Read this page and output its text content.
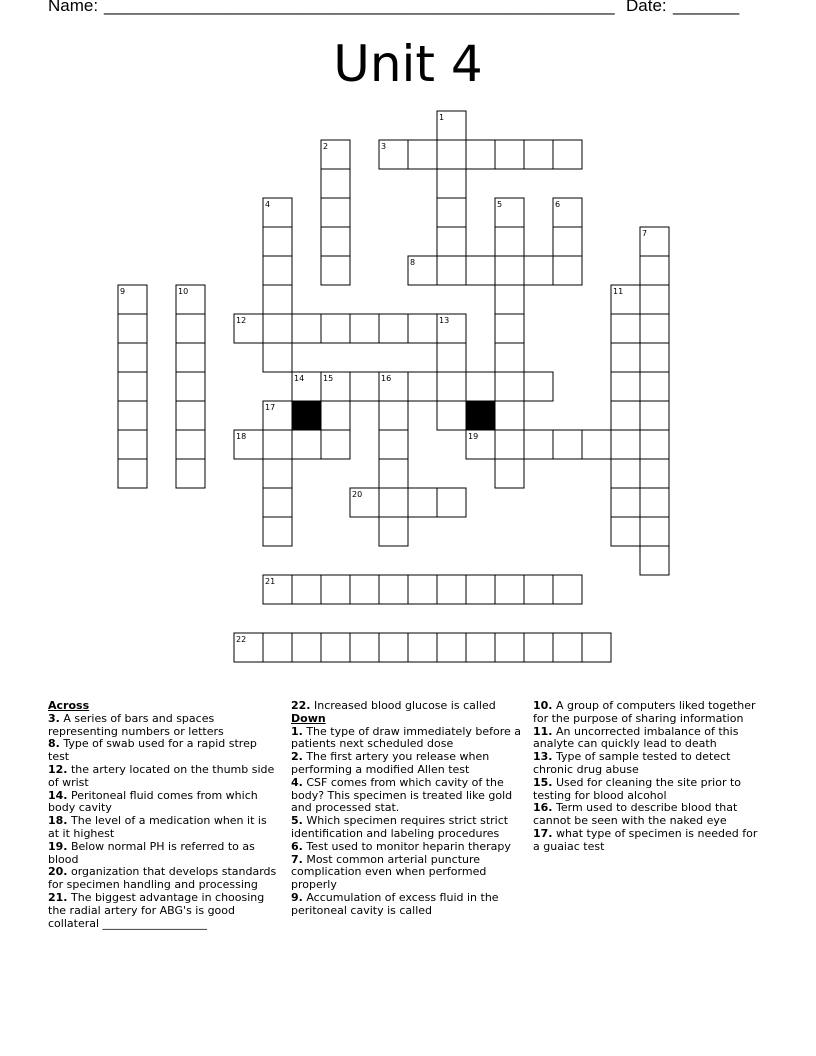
Name: ______________________________________________________ Date: _______
Unit 4
1
2	3
4	5	6
7
8
9	10	11
12	13
14 15	16
17
18	19
20
21
22
Across
3. A series of bars and spaces representing numbers or letters
8. Type of swab used for a rapid strep test
12. the artery located on the thumb side of wrist
14. Peritoneal fluid comes from which body cavity
18. The level of a medication when it is at it highest
19. Below normal PH is referred to as blood
20. organization that develops standards for specimen handling and processing
21. The biggest advantage in choosing the radial artery for ABG's is good collateral ___________________
22. Increased blood glucose is called
Down
1. The type of draw immediately before a patients next scheduled dose
2. The first artery you release when performing a modified Allen test
4. CSF comes from which cavity of the body? This specimen is treated like gold and processed stat.
5. Which specimen requires strict strict identification and labeling procedures
6. Test used to monitor heparin therapy
7. Most common arterial puncture complication even when performed properly
9. Accumulation of excess fluid in the peritoneal cavity is called
10. A group of computers liked together for the purpose of sharing information
11. An uncorrected imbalance of this analyte can quickly lead to death
13. Type of sample tested to detect chronic drug abuse
15. Used for cleaning the site prior to testing for blood alcohol
16. Term used to describe blood that cannot be seen with the naked eye
17. what type of specimen is needed for a guaiac test
